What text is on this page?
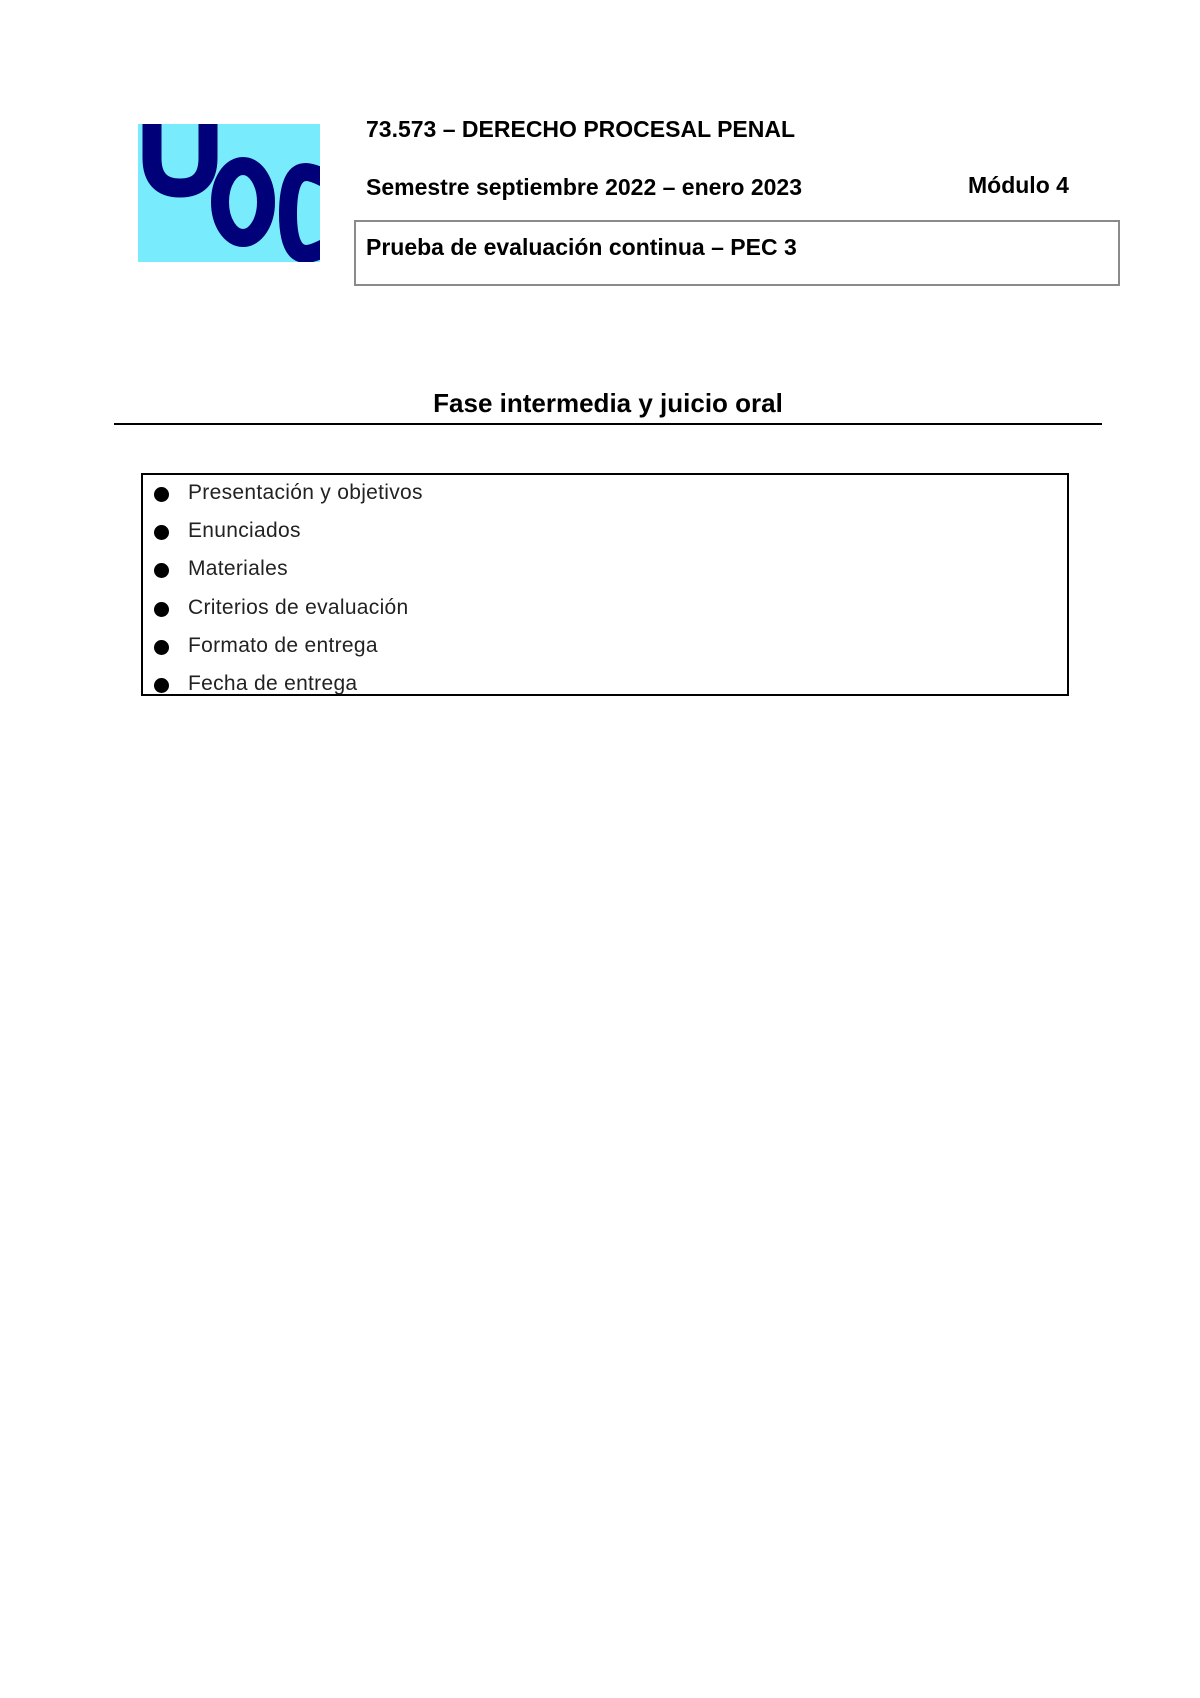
73.573 – DERECHO PROCESAL PENAL
Semestre septiembre 2022 – enero 2023	Módulo 4
Prueba de evaluación continua – PEC 3
Fase intermedia y juicio oral
Presentación y objetivos
Enunciados
Materiales
Criterios de evaluación
Formato de entrega
Fecha de entrega
